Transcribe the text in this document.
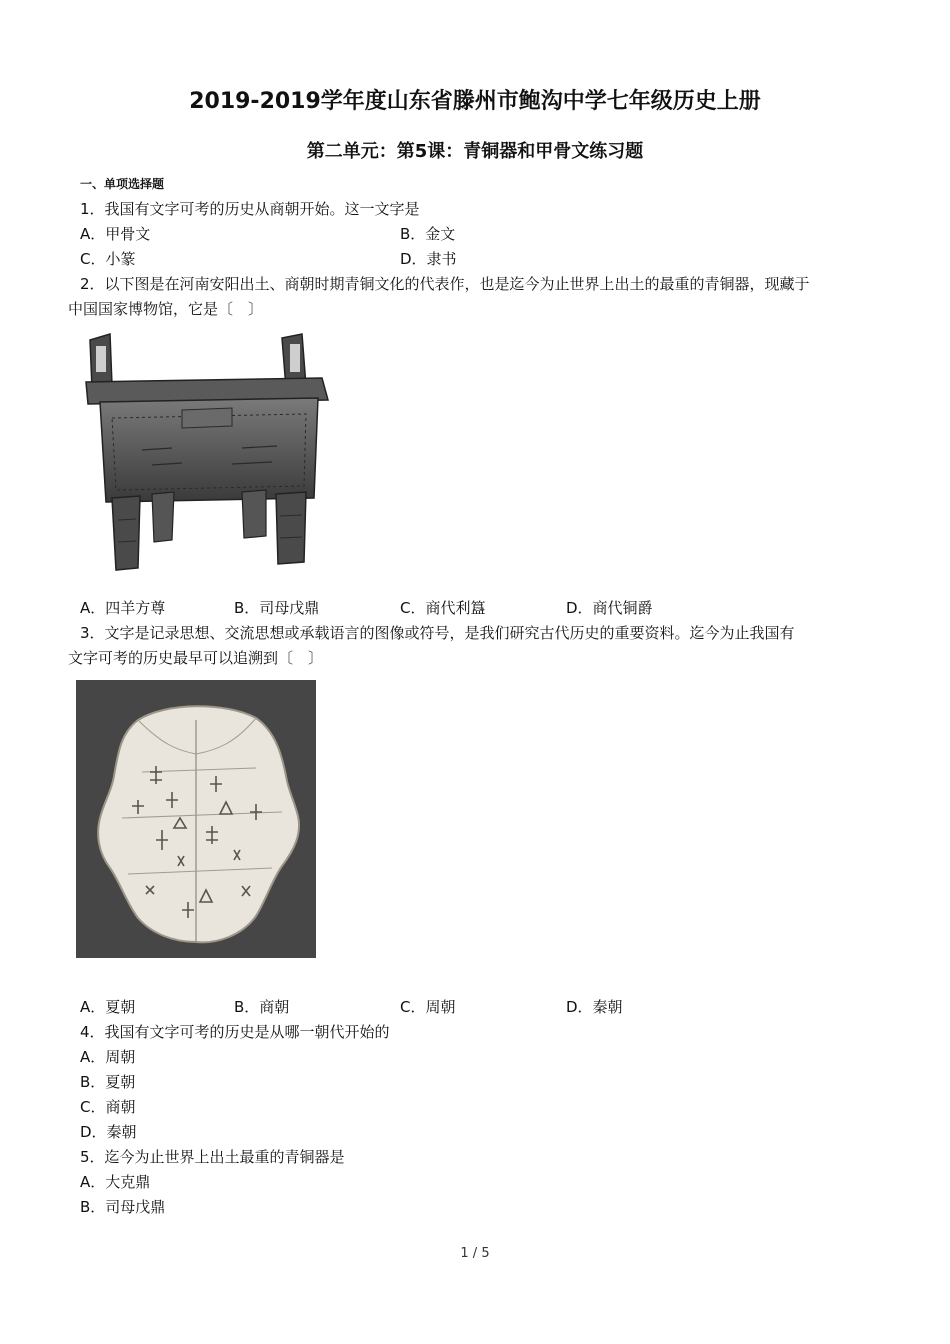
2019-2019学年度山东省滕州市鲍沟中学七年级历史上册
第二单元：第5课：青铜器和甲骨文练习题
一、单项选择题
1．我国有文字可考的历史从商朝开始。这一文字是
A．甲骨文	B．金文
C．小篆	D．隶书
2．以下图是在河南安阳出土、商朝时期青铜文化的代表作，也是迄今为止世界上出土的最重的青铜器，现藏于
中国国家博物馆，它是〔　〕
A．四羊方尊	B．司母戊鼎	C．商代利簋	D．商代铜爵
3．文字是记录思想、交流思想或承载语言的图像或符号，是我们研究古代历史的重要资料。迄今为止我国有
文字可考的历史最早可以追溯到〔　〕
A．夏朝	B．商朝	C．周朝	D．秦朝
4．我国有文字可考的历史是从哪一朝代开始的
A．周朝
B．夏朝
C．商朝
D．秦朝
5．迄今为止世界上出土最重的青铜器是
A．大克鼎
B．司母戊鼎
1 / 5
